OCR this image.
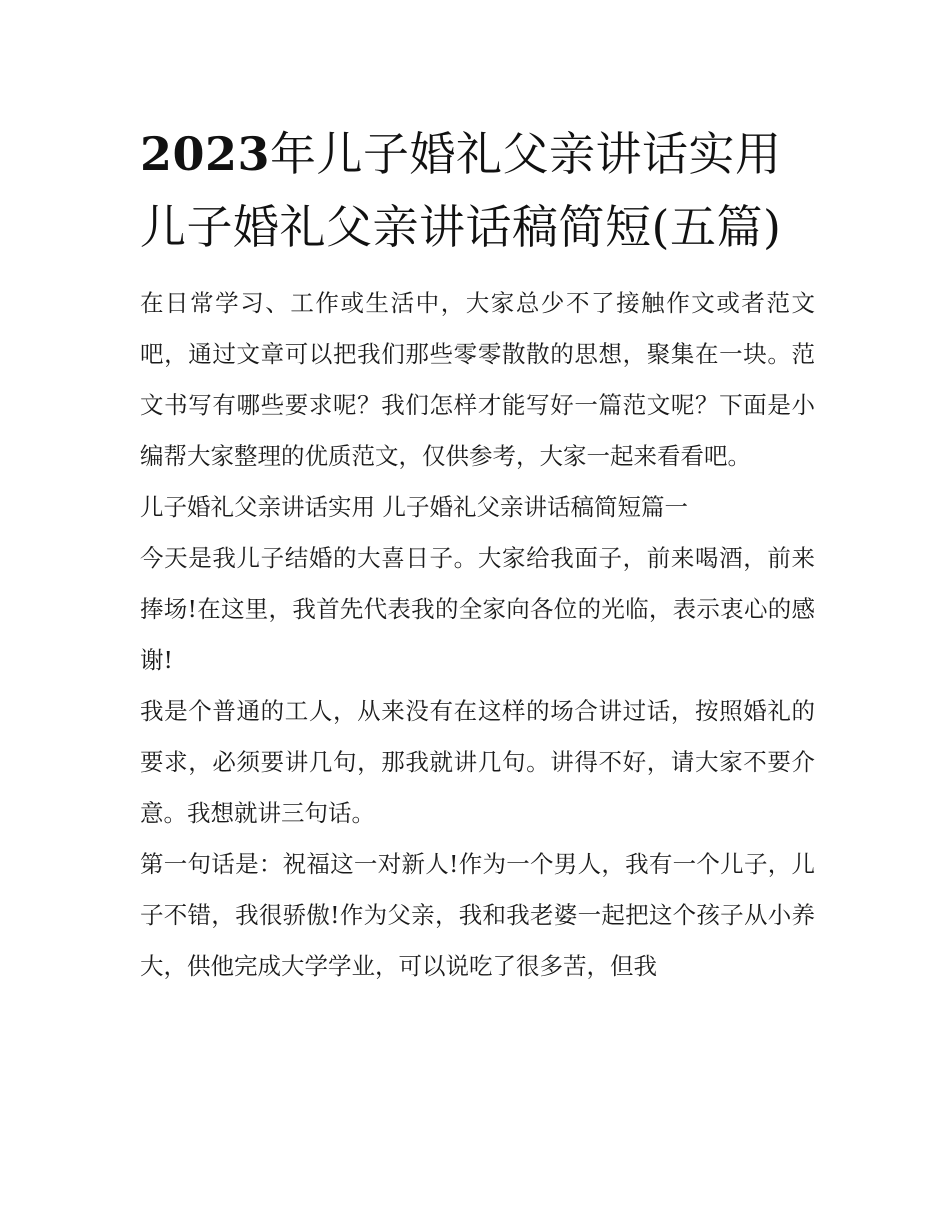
2023年儿子婚礼父亲讲话实用儿子婚礼父亲讲话稿简短(五篇)

在日常学习、工作或生活中，大家总少不了接触作文或者范文吧，通过文章可以把我们那些零零散散的思想，聚集在一块。范文书写有哪些要求呢？我们怎样才能写好一篇范文呢？下面是小编帮大家整理的优质范文，仅供参考，大家一起来看看吧。

儿子婚礼父亲讲话实用 儿子婚礼父亲讲话稿简短篇一

今天是我儿子结婚的大喜日子。大家给我面子，前来喝酒，前来捧场!在这里，我首先代表我的全家向各位的光临，表示衷心的感谢!

我是个普通的工人，从来没有在这样的场合讲过话，按照婚礼的要求，必须要讲几句，那我就讲几句。讲得不好，请大家不要介意。我想就讲三句话。

第一句话是：祝福这一对新人!作为一个男人，我有一个儿子，儿子不错，我很骄傲!作为父亲，我和我老婆一起把这个孩子从小养大，供他完成大学学业，可以说吃了很多苦，但我
